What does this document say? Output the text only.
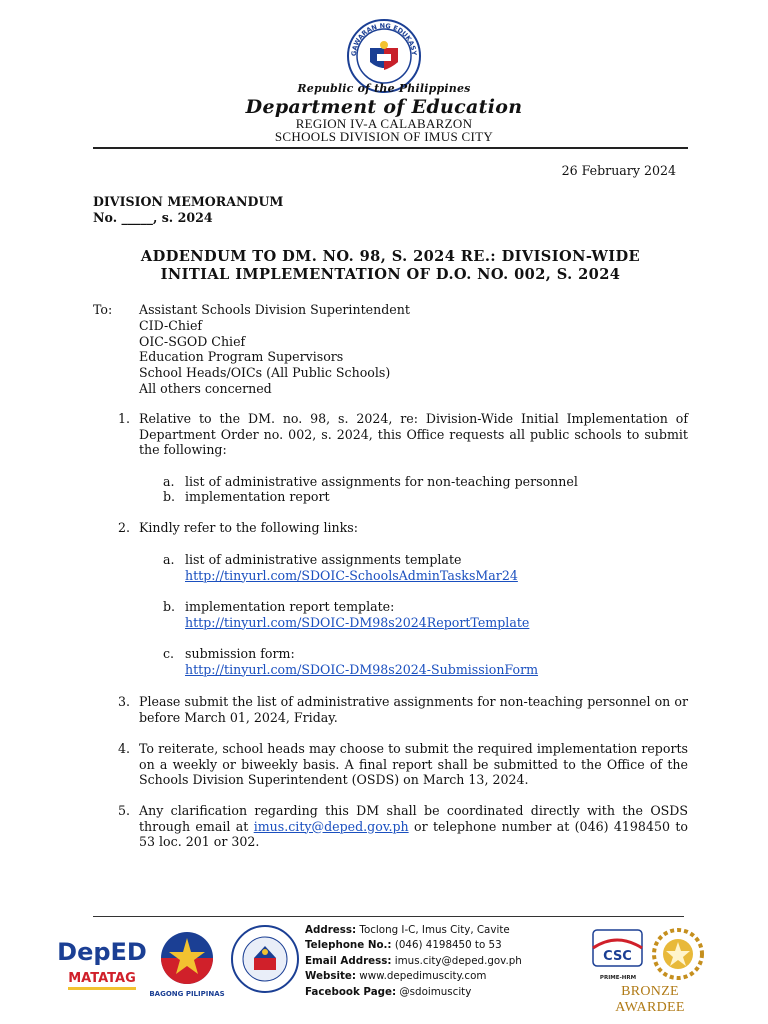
GAWARAN NG EDUKASY
Republic of the Philippines
Department of Education
REGION IV-A CALABARZON
SCHOOLS DIVISION OF IMUS CITY
26 February 2024
DIVISION MEMORANDUM
No. _____, s. 2024
ADDENDUM TO DM. NO. 98, S. 2024 RE.: DIVISION-WIDE
INITIAL IMPLEMENTATION OF D.O. NO. 002, S. 2024
To: Assistant Schools Division Superintendent
CID-Chief
OIC-SGOD Chief
Education Program Supervisors
School Heads/OICs (All Public Schools)
All others concerned
1. Relative to the DM. no. 98, s. 2024, re: Division-Wide Initial Implementation of Department Order no. 002, s. 2024, this Office requests all public schools to submit the following:
a. list of administrative assignments for non-teaching personnel
b. implementation report
2. Kindly refer to the following links:
a. list of administrative assignments template
http://tinyurl.com/SDOIC-SchoolsAdminTasksMar24
b. implementation report template:
http://tinyurl.com/SDOIC-DM98s2024ReportTemplate
c. submission form:
http://tinyurl.com/SDOIC-DM98s2024-SubmissionForm
3. Please submit the list of administrative assignments for non-teaching personnel on or before March 01, 2024, Friday.
4. To reiterate, school heads may choose to submit the required implementation reports on a weekly or biweekly basis. A final report shall be submitted to the Office of the Schools Division Superintendent (OSDS) on March 13, 2024.
5. Any clarification regarding this DM shall be coordinated directly with the OSDS through email at imus.city@deped.gov.ph or telephone number at (046) 4198450 to 53 loc. 201 or 302.
DepED
MATATAG
BAGONG PILIPINAS
Address: Toclong I-C, Imus City, Cavite
Telephone No.: (046) 4198450 to 53
Email Address: imus.city@deped.gov.ph
Website: www.depedimuscity.com
Facebook Page: @sdoimuscity
CSC
PRIME-HRM
BRONZE AWARDEE
